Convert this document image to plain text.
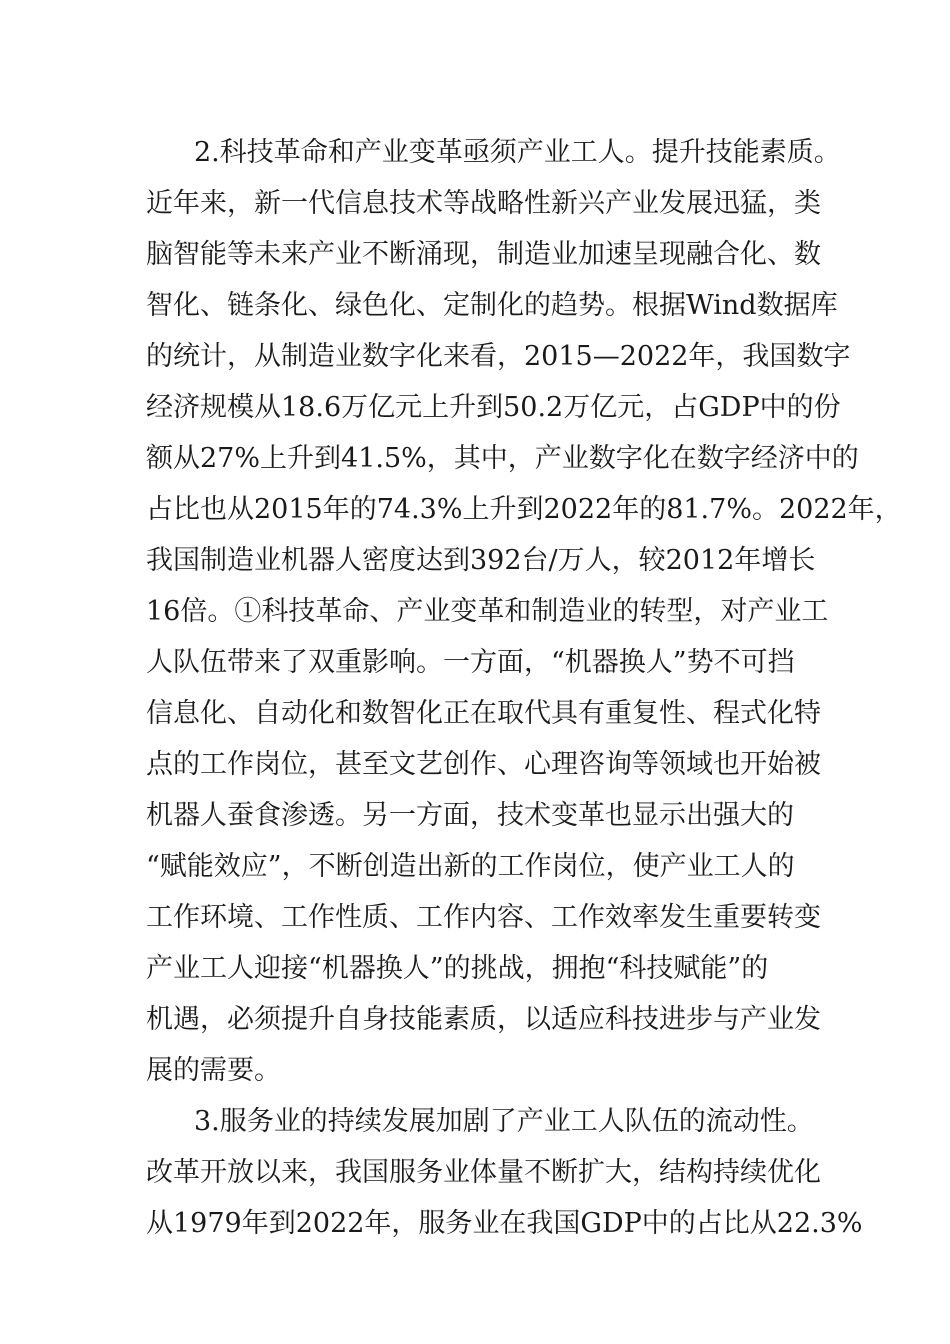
2.科技革命和产业变革亟须产业工人。提升技能素质。
近年来，新一代信息技术等战略性新兴产业发展迅猛，类
脑智能等未来产业不断涌现，制造业加速呈现融合化、数
智化、链条化、绿色化、定制化的趋势。根据Wind数据库
的统计，从制造业数字化来看，2015—2022年，我国数字
经济规模从18.6万亿元上升到50.2万亿元，占GDP中的份
额从27%上升到41.5%，其中，产业数字化在数字经济中的
占比也从2015年的74.3%上升到2022年的81.7%。2022年，
我国制造业机器人密度达到392台/万人，较2012年增长
16倍。①科技革命、产业变革和制造业的转型，对产业工
人队伍带来了双重影响。一方面，“机器换人”势不可挡
信息化、自动化和数智化正在取代具有重复性、程式化特
点的工作岗位，甚至文艺创作、心理咨询等领域也开始被
机器人蚕食渗透。另一方面，技术变革也显示出强大的
“赋能效应”，不断创造出新的工作岗位，使产业工人的
工作环境、工作性质、工作内容、工作效率发生重要转变
产业工人迎接“机器换人”的挑战，拥抱“科技赋能”的
机遇，必须提升自身技能素质，以适应科技进步与产业发
展的需要。
3.服务业的持续发展加剧了产业工人队伍的流动性。
改革开放以来，我国服务业体量不断扩大，结构持续优化
从1979年到2022年，服务业在我国GDP中的占比从22.3%
